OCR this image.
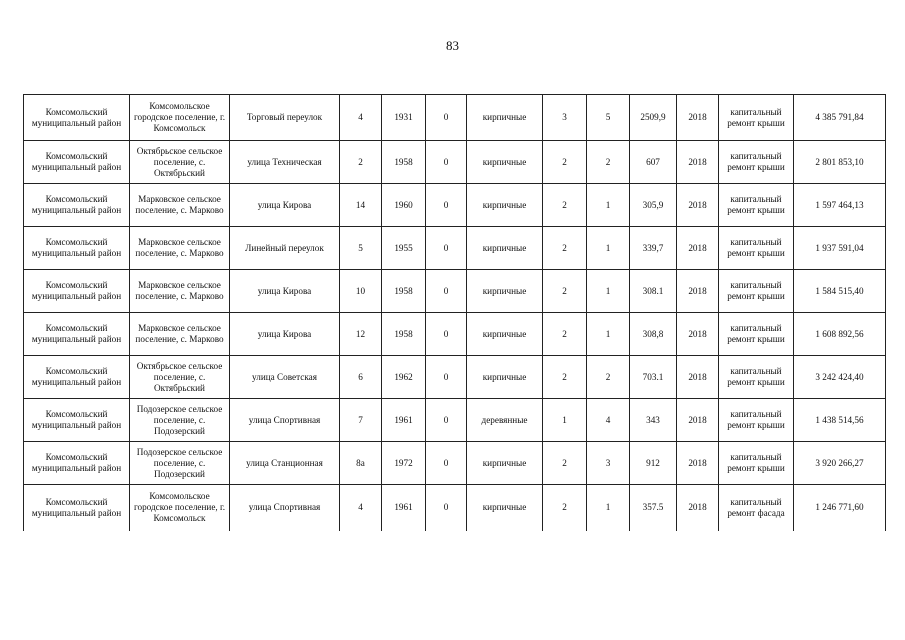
83
Комсомольский муниципальный район	Комсомольское городское поселение, г. Комсомольск	Торговый переулок	4	1931	0	кирпичные	3	5	2509,9	2018	капитальный ремонт крыши	4 385 791,84
Комсомольский муниципальный район	Октябрьское сельское поселение, с. Октябрьский	улица Техническая	2	1958	0	кирпичные	2	2	607	2018	капитальный ремонт крыши	2 801 853,10
Комсомольский муниципальный район	Марковское сельское поселение, с. Марково	улица Кирова	14	1960	0	кирпичные	2	1	305,9	2018	капитальный ремонт крыши	1 597 464,13
Комсомольский муниципальный район	Марковское сельское поселение, с. Марково	Линейный переулок	5	1955	0	кирпичные	2	1	339,7	2018	капитальный ремонт крыши	1 937 591,04
Комсомольский муниципальный район	Марковское сельское поселение, с. Марково	улица Кирова	10	1958	0	кирпичные	2	1	308.1	2018	капитальный ремонт крыши	1 584 515,40
Комсомольский муниципальный район	Марковское сельское поселение, с. Марково	улица Кирова	12	1958	0	кирпичные	2	1	308,8	2018	капитальный ремонт крыши	1 608 892,56
Комсомольский муниципальный район	Октябрьское сельское поселение, с. Октябрьский	улица Советская	6	1962	0	кирпичные	2	2	703.1	2018	капитальный ремонт крыши	3 242 424,40
Комсомольский муниципальный район	Подозерское сельское поселение, с. Подозерский	улица Спортивная	7	1961	0	деревянные	1	4	343	2018	капитальный ремонт крыши	1 438 514,56
Комсомольский муниципальный район	Подозерское сельское поселение, с. Подозерский	улица Станционная	8а	1972	0	кирпичные	2	3	912	2018	капитальный ремонт крыши	3 920 266,27
Комсомольский муниципальный район	Комсомольское городское поселение, г. Комсомольск	улица Спортивная	4	1961	0	кирпичные	2	1	357.5	2018	капитальный ремонт фасада	1 246 771,60
